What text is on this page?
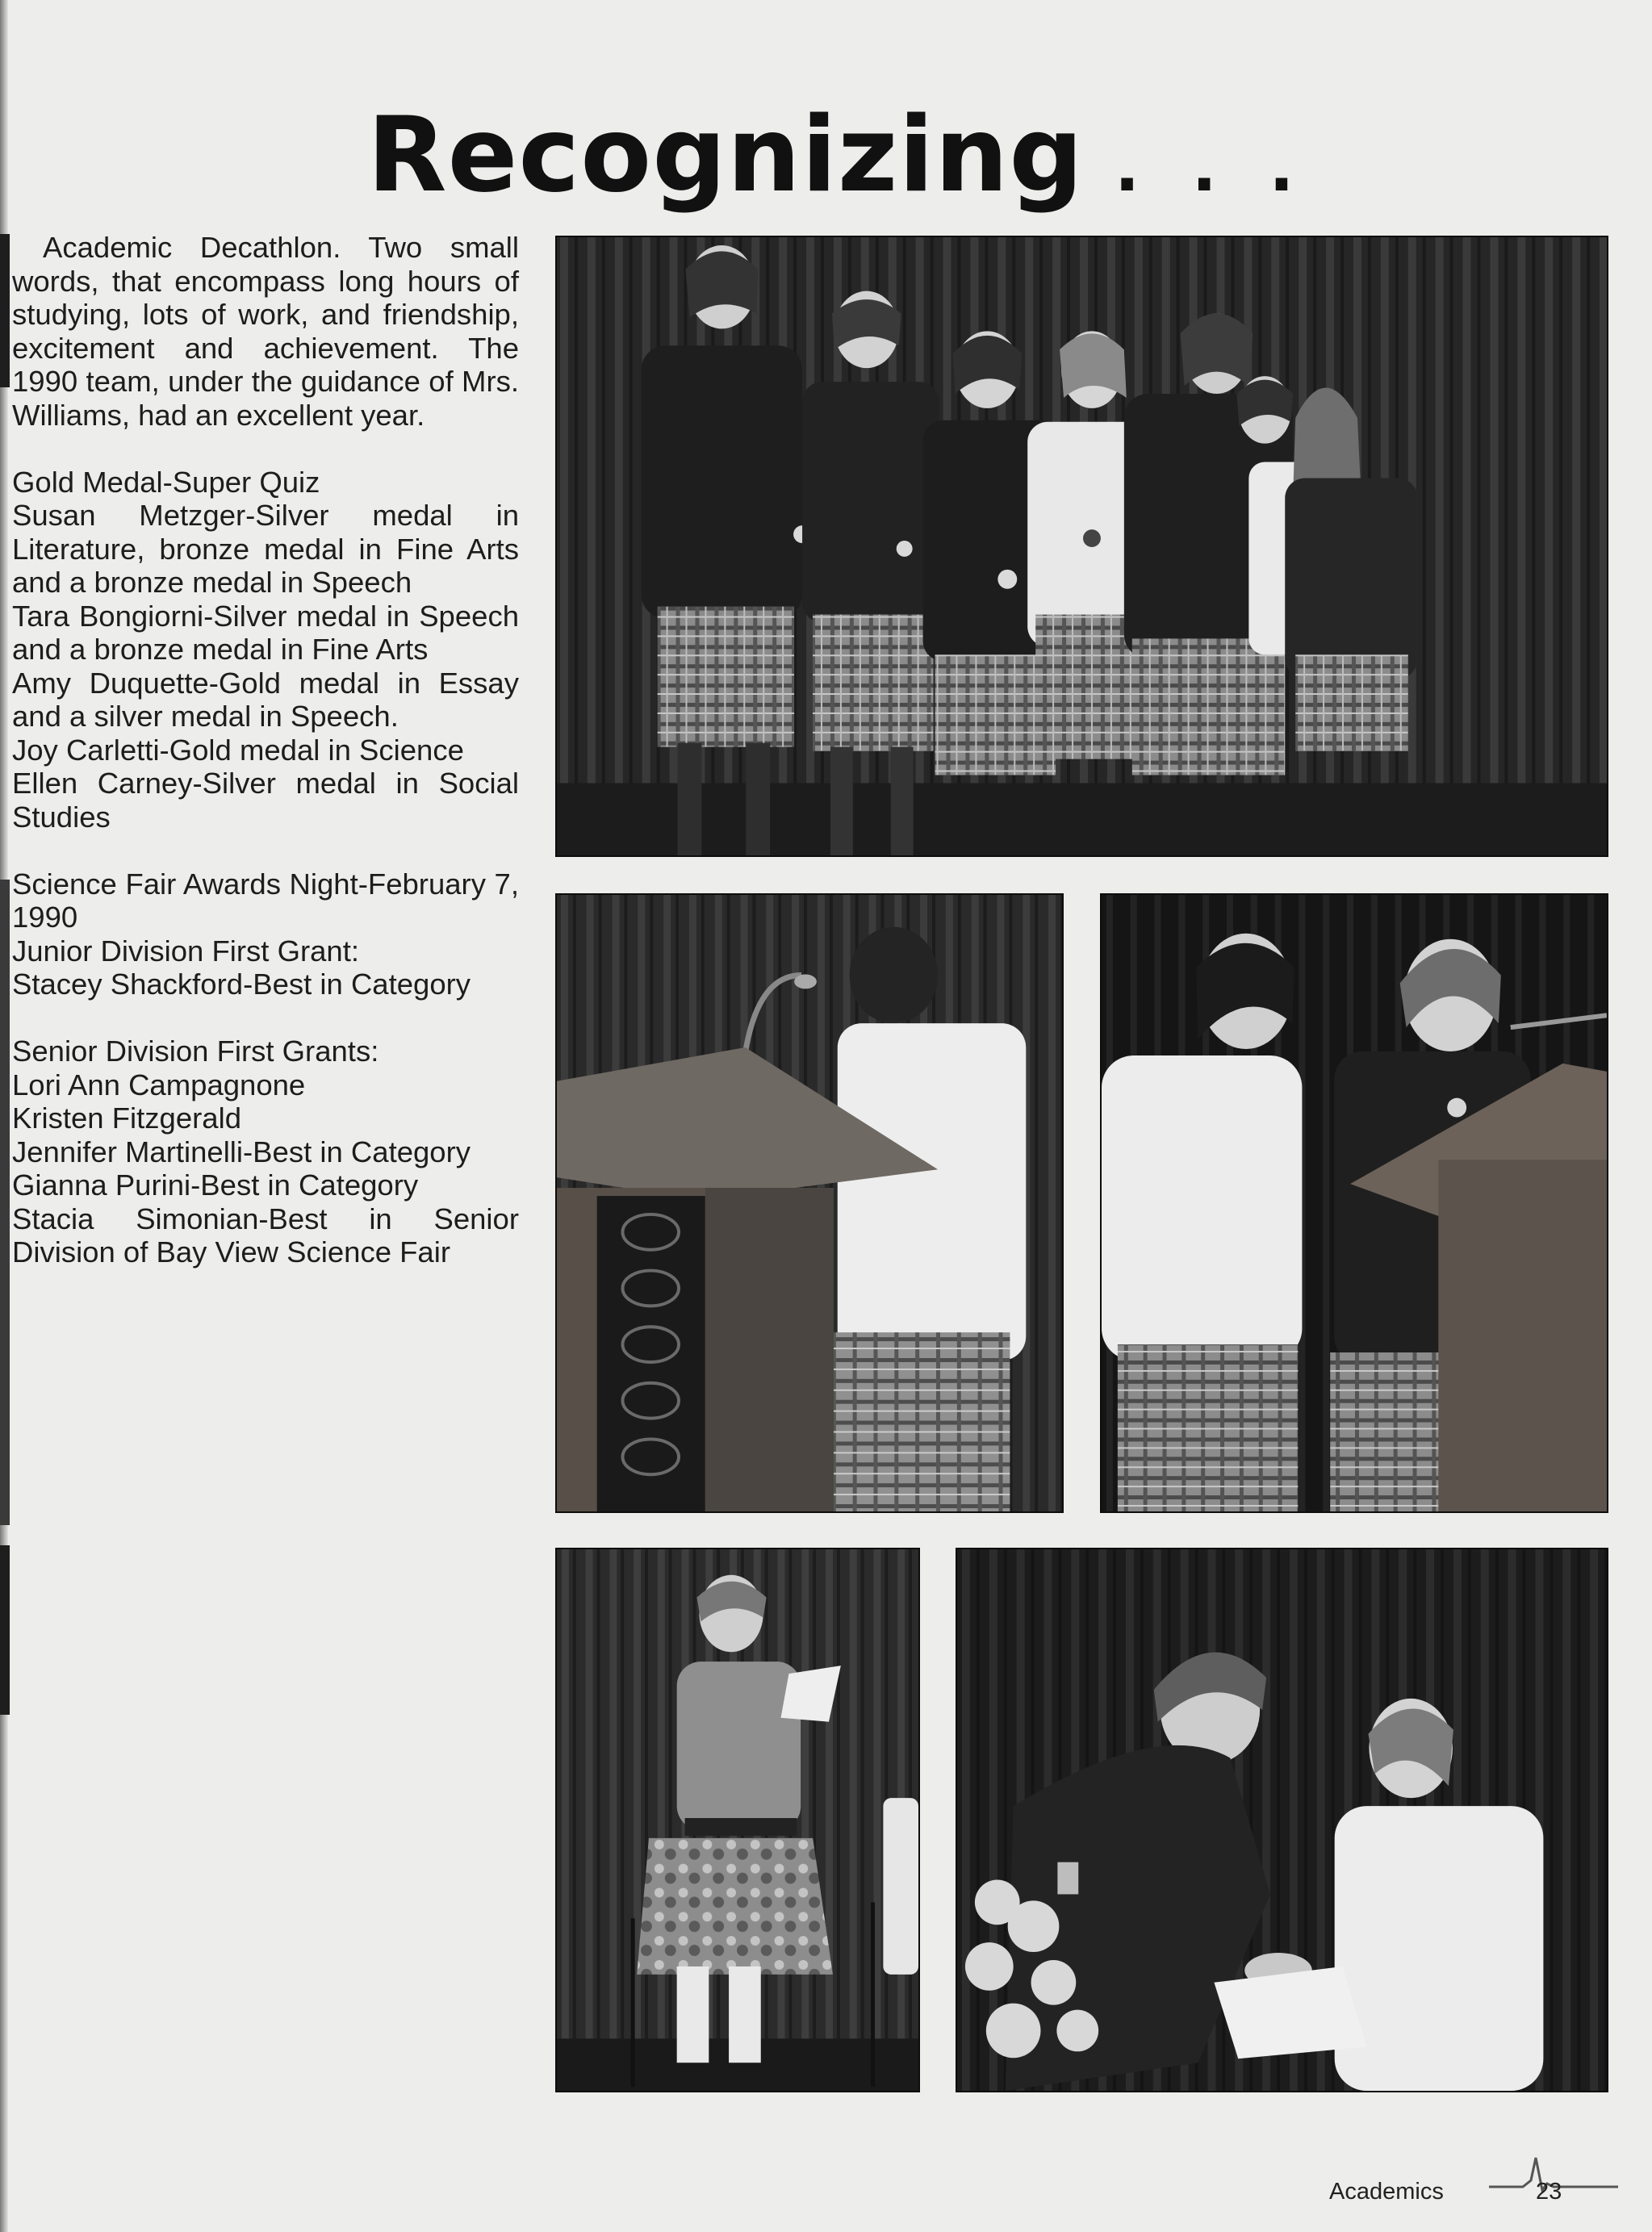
Recognizing . . .

Academic Decathlon. Two small words, that encompass long hours of studying, lots of work, and friendship, excitement and achievement. The 1990 team, under the guidance of Mrs. Williams, had an excellent year.

Gold Medal-Super Quiz

Susan Metzger-Silver medal in Literature, bronze medal in Fine Arts and a bronze medal in Speech

Tara Bongiorni-Silver medal in Speech and a bronze medal in Fine Arts

Amy Duquette-Gold medal in Essay and a silver medal in Speech.

Joy Carletti-Gold medal in Science

Ellen Carney-Silver medal in Social Studies

Science Fair Awards Night-February 7, 1990

Junior Division First Grant:

Stacey Shackford-Best in Category

Senior Division First Grants:

Lori Ann Campagnone

Kristen Fitzgerald

Jennifer Martinelli-Best in Category

Gianna Purini-Best in Category

Stacia Simonian-Best in Senior Division of Bay View Science Fair

Academics	23
